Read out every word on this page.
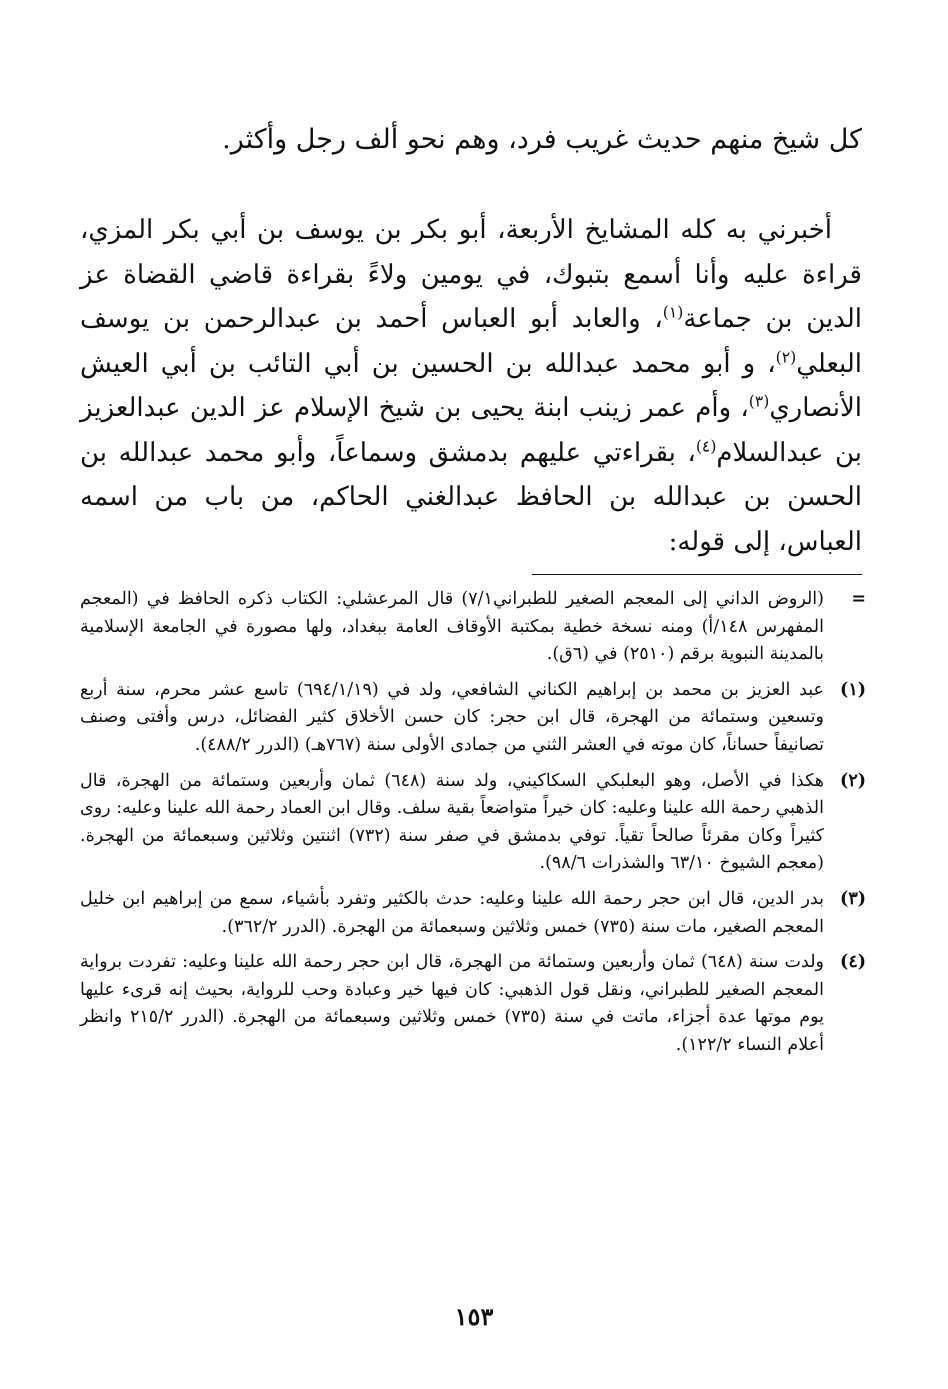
كل شيخ منهم حديث غريب فرد، وهم نحو ألف رجل وأكثر.

أخبرني به كله المشايخ الأربعة، أبو بكر بن يوسف بن أبي بكر المزي، قراءة عليه وأنا أسمع بتبوك، في يومين ولاءً بقراءة قاضي القضاة عز الدين بن جماعة$^{(١)}$، والعابد أبو العباس أحمد بن عبدالرحمن بن يوسف البعلي$^{(٢)}$، و أبو محمد عبدالله بن الحسين بن أبي التائب بن أبي العيش الأنصاري$^{(٣)}$، وأم عمر زينب ابنة يحيى بن شيخ الإسلام عز الدين عبدالعزيز بن عبدالسلام$^{(٤)}$، بقراءتي عليهم بدمشق وسماعاً، وأبو محمد عبدالله بن الحسن بن عبدالله بن الحافظ عبدالغني الحاكم، من باب من اسمه العباس، إلى قوله:

=
(الروض الداني إلى المعجم الصغير للطبراني٧/١) قال المرعشلي: الكتاب ذكره الحافظ في (المعجم المفهرس ١٤٨/أ) ومنه نسخة خطية بمكتبة الأوقاف العامة ببغداد، ولها مصورة في الجامعة الإسلامية بالمدينة النبوية برقم (٢٥١٠) في (٦ق).
(١)
عبد العزيز بن محمد بن إبراهيم الكناني الشافعي، ولد في (٦٩٤/١/١٩) تاسع عشر محرم، سنة أربع وتسعين وستمائة من الهجرة، قال ابن حجر: كان حسن الأخلاق كثير الفضائل، درس وأفتى وصنف تصانيفاً حساناً، كان موته في العشر الثني من جمادى الأولى سنة (٧٦٧هـ) (الدرر ٤٨٨/٢).
(٢)
هكذا في الأصل، وهو البعلبكي السكاكيني، ولد سنة (٦٤٨) ثمان وأربعين وستمائة من الهجرة، قال الذهبي رحمة الله علينا وعليه: كان خيراً متواضعاً بقية سلف. وقال ابن العماد رحمة الله علينا وعليه: روى كثيراً وكان مقرئاً صالحاً تقياً. توفي بدمشق في صفر سنة (٧٣٢) اثنتين وثلاثين وسبعمائة من الهجرة. (معجم الشيوخ ٦٣/١٠ والشذرات ٩٨/٦).
(٣)
بدر الدين، قال ابن حجر رحمة الله علينا وعليه: حدث بالكثير وتفرد بأشياء، سمع من إبراهيم ابن خليل المعجم الصغير، مات سنة (٧٣٥) خمس وثلاثين وسبعمائة من الهجرة. (الدرر ٣٦٢/٢).
(٤)
ولدت سنة (٦٤٨) ثمان وأربعين وستمائة من الهجرة، قال ابن حجر رحمة الله علينا وعليه: تفردت برواية المعجم الصغير للطبراني، ونقل قول الذهبي: كان فيها خير وعبادة وحب للرواية، بحيث إنه قرىء عليها يوم موتها عدة أجزاء، ماتت في سنة (٧٣٥) خمس وثلاثين وسبعمائة من الهجرة. (الدرر ٢١٥/٢ وانظر أعلام النساء ١٢٢/٢).
١٥٣
